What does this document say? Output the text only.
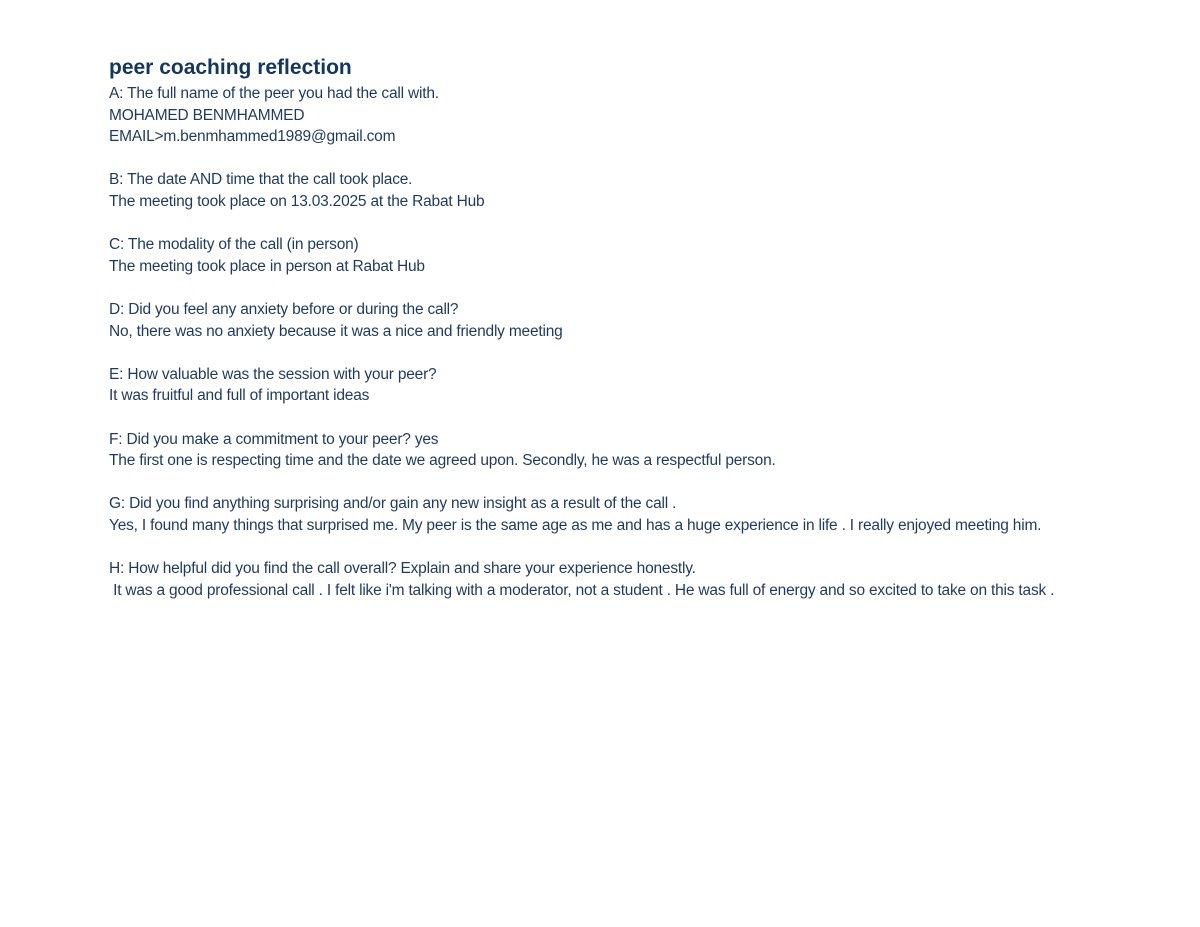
peer coaching reflection

A: The full name of the peer you had the call with.

MOHAMED BENMHAMMED

EMAIL>m.benmhammed1989@gmail.com

B: The date AND time that the call took place.

The meeting took place on 13.03.2025 at the Rabat Hub

C: The modality of the call (in person)

The meeting took place in person at Rabat Hub

D: Did you feel any anxiety before or during the call?

No, there was no anxiety because it was a nice and friendly meeting

E: How valuable was the session with your peer?

It was fruitful and full of important ideas

F: Did you make a commitment to your peer? yes

The first one is respecting time and the date we agreed upon. Secondly, he was a respectful person.

G: Did you find anything surprising and/or gain any new insight as a result of the call .

Yes, I found many things that surprised me. My peer is the same age as me and has a huge experience in life . I really enjoyed meeting him.

H: How helpful did you find the call overall? Explain and share your experience honestly.

It was a good professional call . I felt like i'm talking with a moderator, not a student . He was full of energy and so excited to take on this task .
